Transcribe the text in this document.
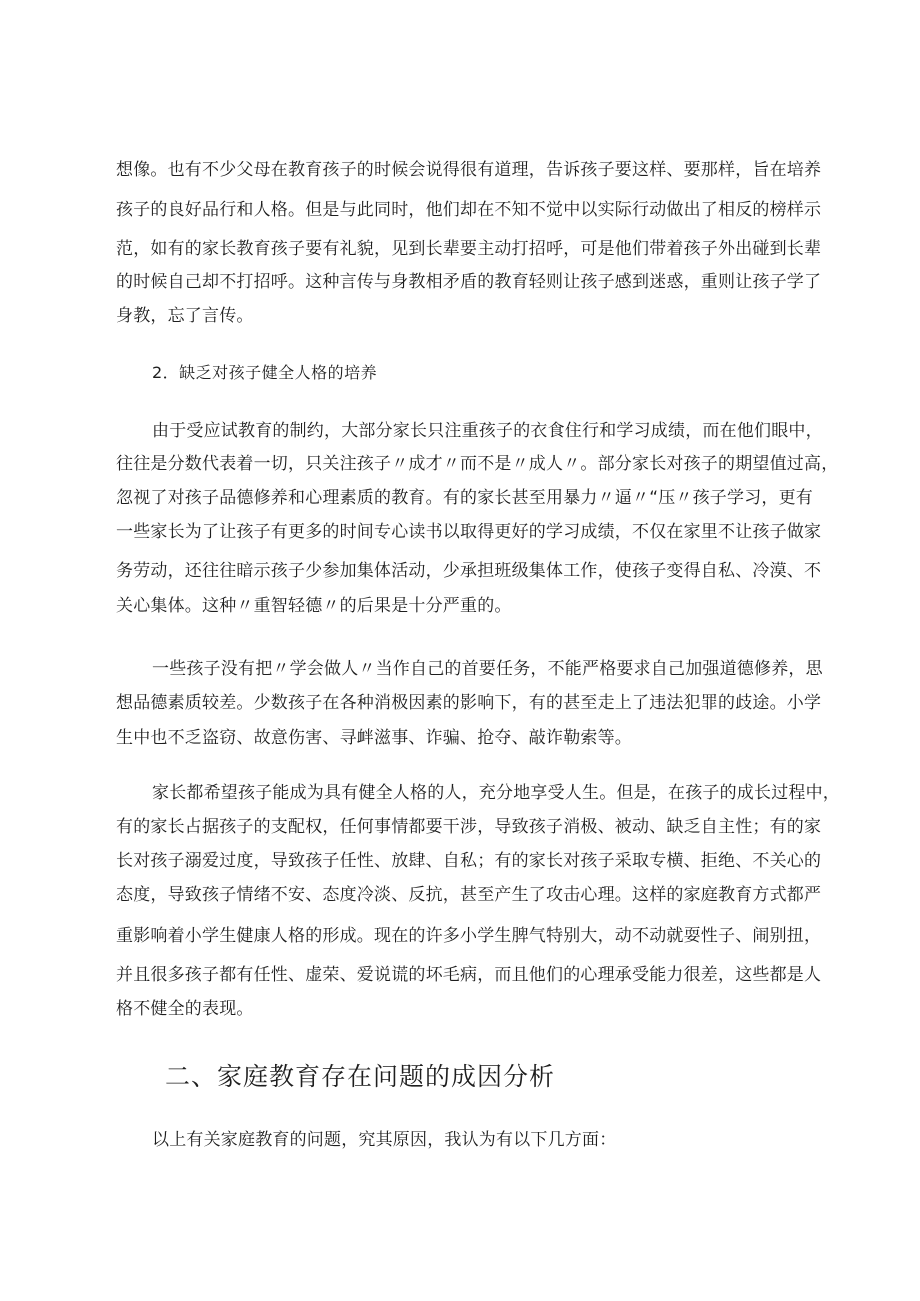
想像。也有不少父母在教育孩子的时候会说得很有道理，告诉孩子要这样、要那样，旨在培养
孩子的良好品行和人格。但是与此同时，他们却在不知不觉中以实际行动做出了相反的榜样示
范，如有的家长教育孩子要有礼貌，见到长辈要主动打招呼，可是他们带着孩子外出碰到长辈
的时候自己却不打招呼。这种言传与身教相矛盾的教育轻则让孩子感到迷惑，重则让孩子学了
身教，忘了言传。
2．缺乏对孩子健全人格的培养
由于受应试教育的制约，大部分家长只注重孩子的衣食住行和学习成绩，而在他们眼中，
往往是分数代表着一切，只关注孩子〃成才〃而不是〃成人〃。部分家长对孩子的期望值过高，
忽视了对孩子品德修养和心理素质的教育。有的家长甚至用暴力〃逼〃“压〃孩子学习，更有
一些家长为了让孩子有更多的时间专心读书以取得更好的学习成绩，不仅在家里不让孩子做家
务劳动，还往往暗示孩子少参加集体活动，少承担班级集体工作，使孩子变得自私、冷漠、不
关心集体。这种〃重智轻德〃的后果是十分严重的。
一些孩子没有把〃学会做人〃当作自己的首要任务，不能严格要求自己加强道德修养，思
想品德素质较差。少数孩子在各种消极因素的影响下，有的甚至走上了违法犯罪的歧途。小学
生中也不乏盗窃、故意伤害、寻衅滋事、诈骗、抢夺、敲诈勒索等。
家长都希望孩子能成为具有健全人格的人，充分地享受人生。但是，在孩子的成长过程中，
有的家长占据孩子的支配权，任何事情都要干涉，导致孩子消极、被动、缺乏自主性；有的家
长对孩子溺爱过度，导致孩子任性、放肆、自私；有的家长对孩子采取专横、拒绝、不关心的
态度，导致孩子情绪不安、态度冷淡、反抗，甚至产生了攻击心理。这样的家庭教育方式都严
重影响着小学生健康人格的形成。现在的许多小学生脾气特别大，动不动就耍性子、闹别扭，
并且很多孩子都有任性、虚荣、爱说谎的坏毛病，而且他们的心理承受能力很差，这些都是人
格不健全的表现。
二、家庭教育存在问题的成因分析
以上有关家庭教育的问题，究其原因，我认为有以下几方面：
